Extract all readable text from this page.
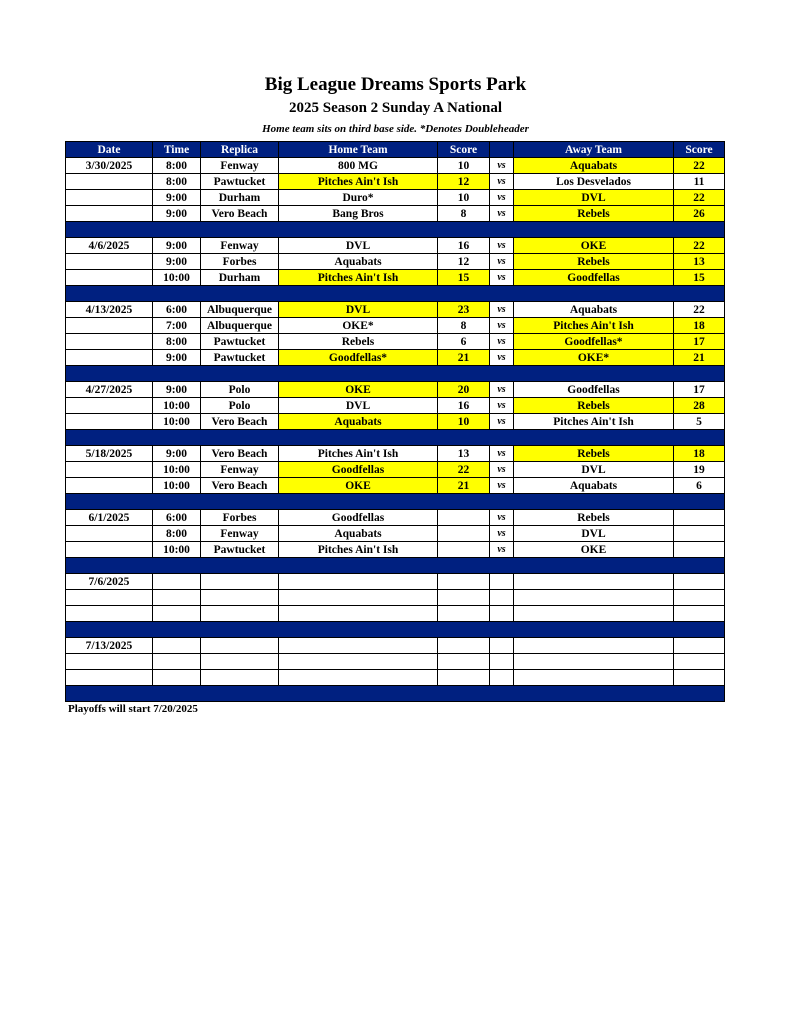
Big League Dreams Sports Park
2025 Season 2 Sunday A National
Home team sits on third base side. *Denotes Doubleheader
Date	Time	Replica	Home Team	Score		Away Team	Score
3/30/2025	8:00	Fenway	800 MG	10	vs	Aquabats	22
	8:00	Pawtucket	Pitches Ain't Ish	12	vs	Los Desvelados	11
	9:00	Durham	Duro*	10	vs	DVL	22
	9:00	Vero Beach	Bang Bros	8	vs	Rebels	26

4/6/2025	9:00	Fenway	DVL	16	vs	OKE	22
	9:00	Forbes	Aquabats	12	vs	Rebels	13
	10:00	Durham	Pitches Ain't Ish	15	vs	Goodfellas	15

4/13/2025	6:00	Albuquerque	DVL	23	vs	Aquabats	22
	7:00	Albuquerque	OKE*	8	vs	Pitches Ain't Ish	18
	8:00	Pawtucket	Rebels	6	vs	Goodfellas*	17
	9:00	Pawtucket	Goodfellas*	21	vs	OKE*	21

4/27/2025	9:00	Polo	OKE	20	vs	Goodfellas	17
	10:00	Polo	DVL	16	vs	Rebels	28
	10:00	Vero Beach	Aquabats	10	vs	Pitches Ain't Ish	5

5/18/2025	9:00	Vero Beach	Pitches Ain't Ish	13	vs	Rebels	18
	10:00	Fenway	Goodfellas	22	vs	DVL	19
	10:00	Vero Beach	OKE	21	vs	Aquabats	6

6/1/2025	6:00	Forbes	Goodfellas		vs	Rebels	
	8:00	Fenway	Aquabats		vs	DVL	
	10:00	Pawtucket	Pitches Ain't Ish		vs	OKE	

7/6/2025							

7/13/2025							

Playoffs will start 7/20/2025
